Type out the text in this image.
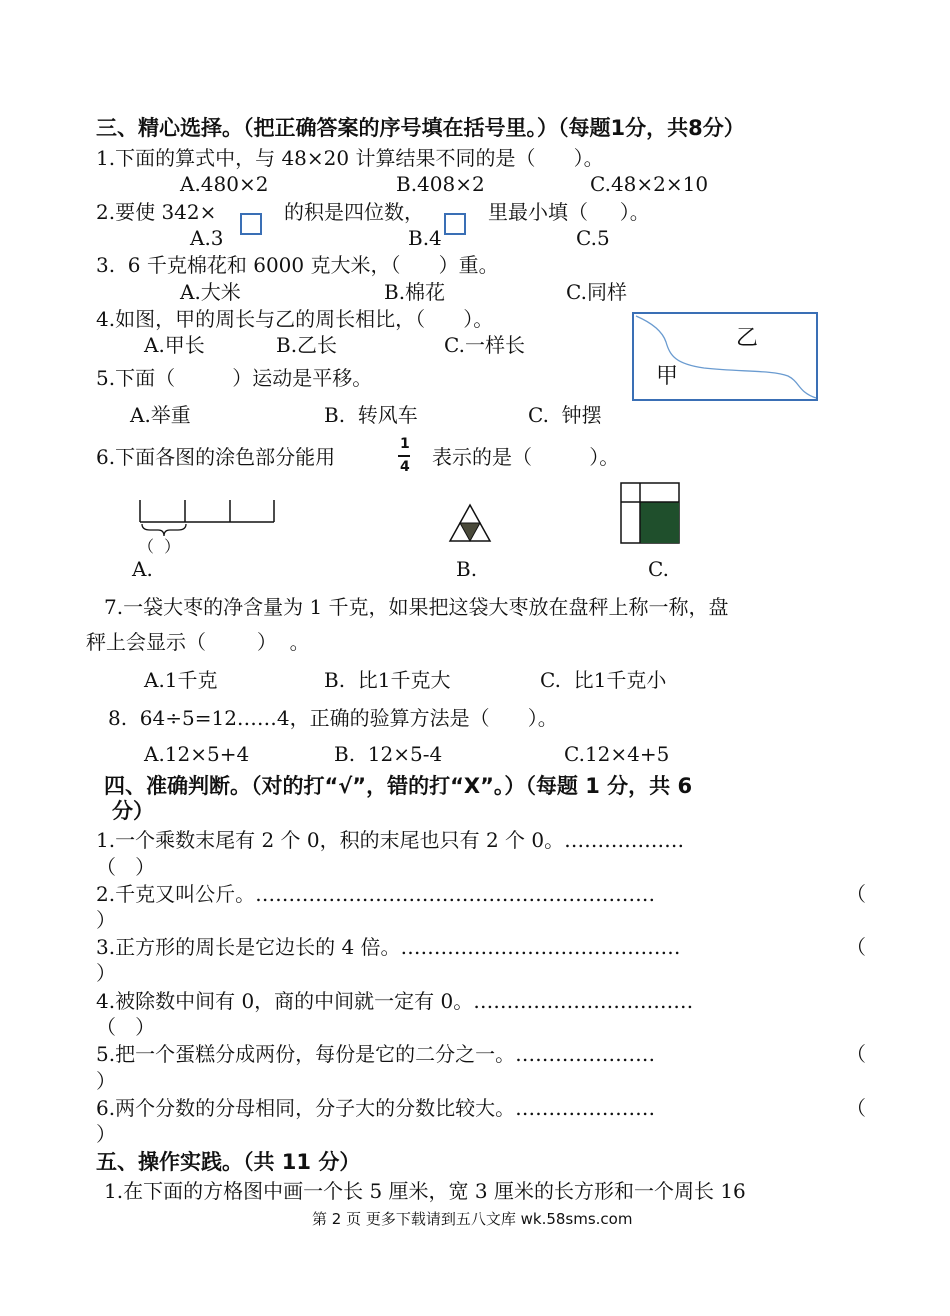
三、精心选择。（把正确答案的序号填在括号里。）（每题1分，共8分）
1.下面的算式中，与 48×20 计算结果不同的是（      ）。
A.480×2	B.408×2	C.48×2×10
2.要使 342×	的积是四位数，	里最小填（     ）。
A.3	B.4	C.5
3.  6 千克棉花和 6000 克大米，（      ）重。
A.大米	B.棉花	C.同样
4.如图，甲的周长与乙的周长相比，（      ）。
A.甲长	B.乙长	C.一样长	乙
甲
5.下面（         ）运动是平移。
A.举重	B.  转风车	C.  钟摆
6.下面各图的涂色部分能用
1
4 表示的是（         ）。
（  ）
A.	B.	C.
7.一袋大枣的净含量为 1 千克，如果把这袋大枣放在盘秤上称一称，盘
秤上会显示（        ）  。
A.1千克	B.  比1千克大	C.  比1千克小
8.  64÷5=12……4，正确的验算方法是（      ）。
A.12×5+4	B.  12×5-4	C.12×4+5
四、准确判断。（对的打“√”，错的打“X”。）（每题 1 分，共 6
分）
1.一个乘数末尾有 2 个 0，积的末尾也只有 2 个 0。………………
（   ）
2.千克又叫公斤。……………………………………………………	（
）
3.正方形的周长是它边长的 4 倍。……………………………………	（
）
4.被除数中间有 0，商的中间就一定有 0。……………………………
（   ）
5.把一个蛋糕分成两份，每份是它的二分之一。…………………	（
）
6.两个分数的分母相同，分子大的分数比较大。…………………	（
）
五、操作实践。（共 11 分）
1.在下面的方格图中画一个长 5 厘米，宽 3 厘米的长方形和一个周长 16
第 2 页 更多下载请到五八文库 wk.58sms.com
